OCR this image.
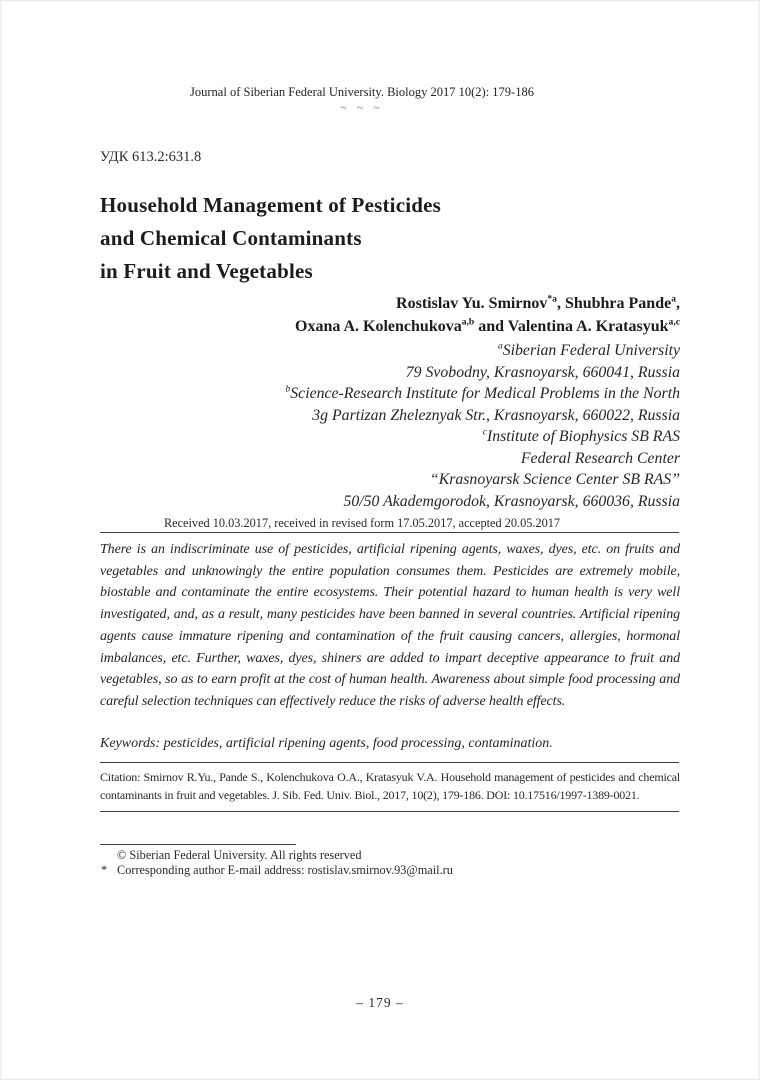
Journal of Siberian Federal University. Biology 2017 10(2): 179-186
~ ~ ~
УДК 613.2:631.8
Household Management of Pesticides
and Chemical Contaminants
in Fruit and Vegetables
Rostislav Yu. Smirnov$^{*a}$, Shubhra Pande$^a$,
Oxana A. Kolenchukova$^{a,b}$ and Valentina A. Kratasyuk$^{a,c}$
$^a$Siberian Federal University
79 Svobodny, Krasnoyarsk, 660041, Russia
$^b$Science-Research Institute for Medical Problems in the North
3g Partizan Zheleznyak Str., Krasnoyarsk, 660022, Russia
$^c$Institute of Biophysics SB RAS
Federal Research Center
“Krasnoyarsk Science Center SB RAS”
50/50 Akademgorodok, Krasnoyarsk, 660036, Russia
Received 10.03.2017, received in revised form 17.05.2017, accepted 20.05.2017
There is an indiscriminate use of pesticides, artificial ripening agents, waxes, dyes, etc. on fruits and vegetables and unknowingly the entire population consumes them. Pesticides are extremely mobile, biostable and contaminate the entire ecosystems. Their potential hazard to human health is very well investigated, and, as a result, many pesticides have been banned in several countries. Artificial ripening agents cause immature ripening and contamination of the fruit causing cancers, allergies, hormonal imbalances, etc. Further, waxes, dyes, shiners are added to impart deceptive appearance to fruit and vegetables, so as to earn profit at the cost of human health. Awareness about simple food processing and careful selection techniques can effectively reduce the risks of adverse health effects.
Keywords: pesticides, artificial ripening agents, food processing, contamination.
Citation: Smirnov R.Yu., Pande S., Kolenchukova O.A., Kratasyuk V.A. Household management of pesticides and chemical contaminants in fruit and vegetables. J. Sib. Fed. Univ. Biol., 2017, 10(2), 179-186. DOI: 10.17516/1997-1389-0021.
© Siberian Federal University. All rights reserved
* Corresponding author E-mail address: rostislav.smirnov.93@mail.ru
– 179 –
